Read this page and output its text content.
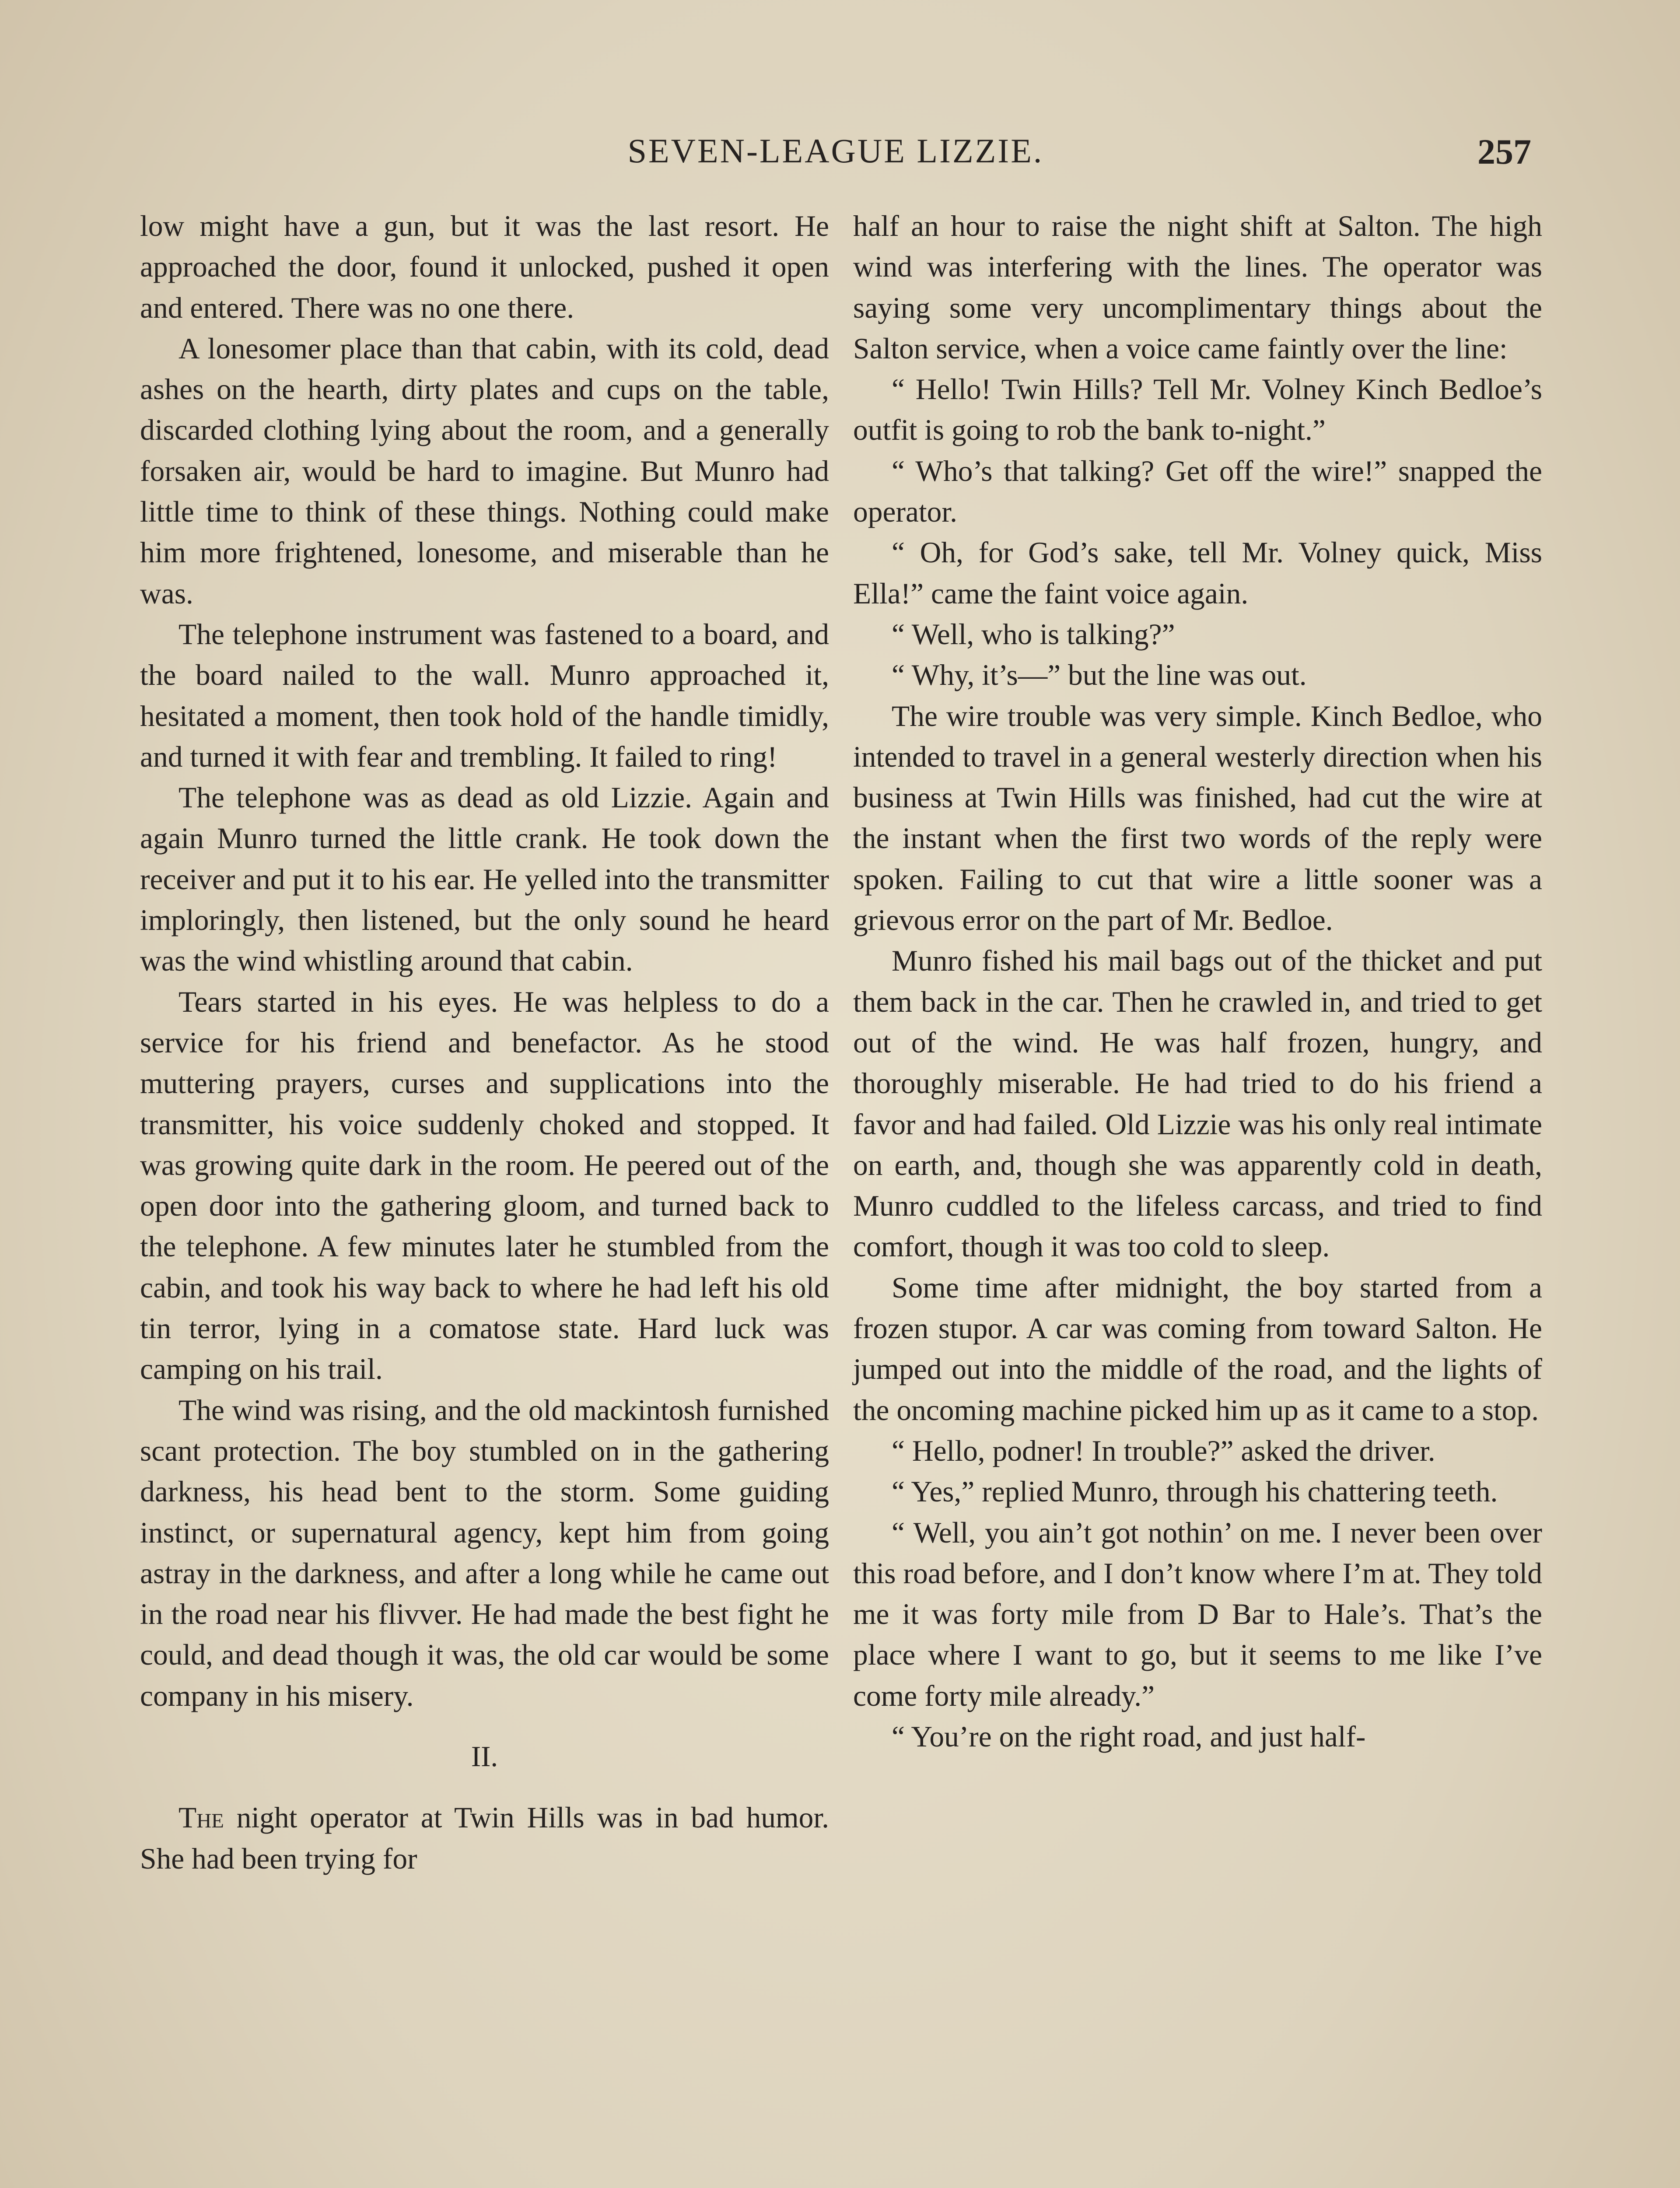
SEVEN-LEAGUE LIZZIE.	257

low might have a gun, but it was the last resort. He approached the door, found it unlocked, pushed it open and entered. There was no one there.

A lonesomer place than that cabin, with its cold, dead ashes on the hearth, dirty plates and cups on the table, discarded clothing lying about the room, and a generally forsaken air, would be hard to imagine. But Munro had little time to think of these things. Nothing could make him more frightened, lonesome, and miserable than he was.

The telephone instrument was fastened to a board, and the board nailed to the wall. Munro approached it, hesitated a moment, then took hold of the handle timidly, and turned it with fear and trembling. It failed to ring!

The telephone was as dead as old Lizzie. Again and again Munro turned the little crank. He took down the receiver and put it to his ear. He yelled into the transmitter imploringly, then listened, but the only sound he heard was the wind whistling around that cabin.

Tears started in his eyes. He was helpless to do a service for his friend and benefactor. As he stood muttering prayers, curses and supplications into the transmitter, his voice suddenly choked and stopped. It was growing quite dark in the room. He peered out of the open door into the gathering gloom, and turned back to the telephone. A few minutes later he stumbled from the cabin, and took his way back to where he had left his old tin terror, lying in a comatose state. Hard luck was camping on his trail.

The wind was rising, and the old mackintosh furnished scant protection. The boy stumbled on in the gathering darkness, his head bent to the storm. Some guiding instinct, or supernatural agency, kept him from going astray in the darkness, and after a long while he came out in the road near his flivver. He had made the best fight he could, and dead though it was, the old car would be some company in his misery.

II.

The night operator at Twin Hills was in bad humor. She had been trying for

half an hour to raise the night shift at Salton. The high wind was interfering with the lines. The operator was saying some very uncomplimentary things about the Salton service, when a voice came faintly over the line:

“ Hello! Twin Hills? Tell Mr. Volney Kinch Bedloe’s outfit is going to rob the bank to-night.”

“ Who’s that talking? Get off the wire!” snapped the operator.

“ Oh, for God’s sake, tell Mr. Volney quick, Miss Ella!” came the faint voice again.

“ Well, who is talking?”

“ Why, it’s—” but the line was out.

The wire trouble was very simple. Kinch Bedloe, who intended to travel in a general westerly direction when his business at Twin Hills was finished, had cut the wire at the instant when the first two words of the reply were spoken. Failing to cut that wire a little sooner was a grievous error on the part of Mr. Bedloe.

Munro fished his mail bags out of the thicket and put them back in the car. Then he crawled in, and tried to get out of the wind. He was half frozen, hungry, and thoroughly miserable. He had tried to do his friend a favor and had failed. Old Lizzie was his only real intimate on earth, and, though she was apparently cold in death, Munro cuddled to the lifeless carcass, and tried to find comfort, though it was too cold to sleep.

Some time after midnight, the boy started from a frozen stupor. A car was coming from toward Salton. He jumped out into the middle of the road, and the lights of the oncoming machine picked him up as it came to a stop.

“ Hello, podner! In trouble?” asked the driver.

“ Yes,” replied Munro, through his chattering teeth.

“ Well, you ain’t got nothin’ on me. I never been over this road before, and I don’t know where I’m at. They told me it was forty mile from D Bar to Hale’s. That’s the place where I want to go, but it seems to me like I’ve come forty mile already.”

“ You’re on the right road, and just half-
